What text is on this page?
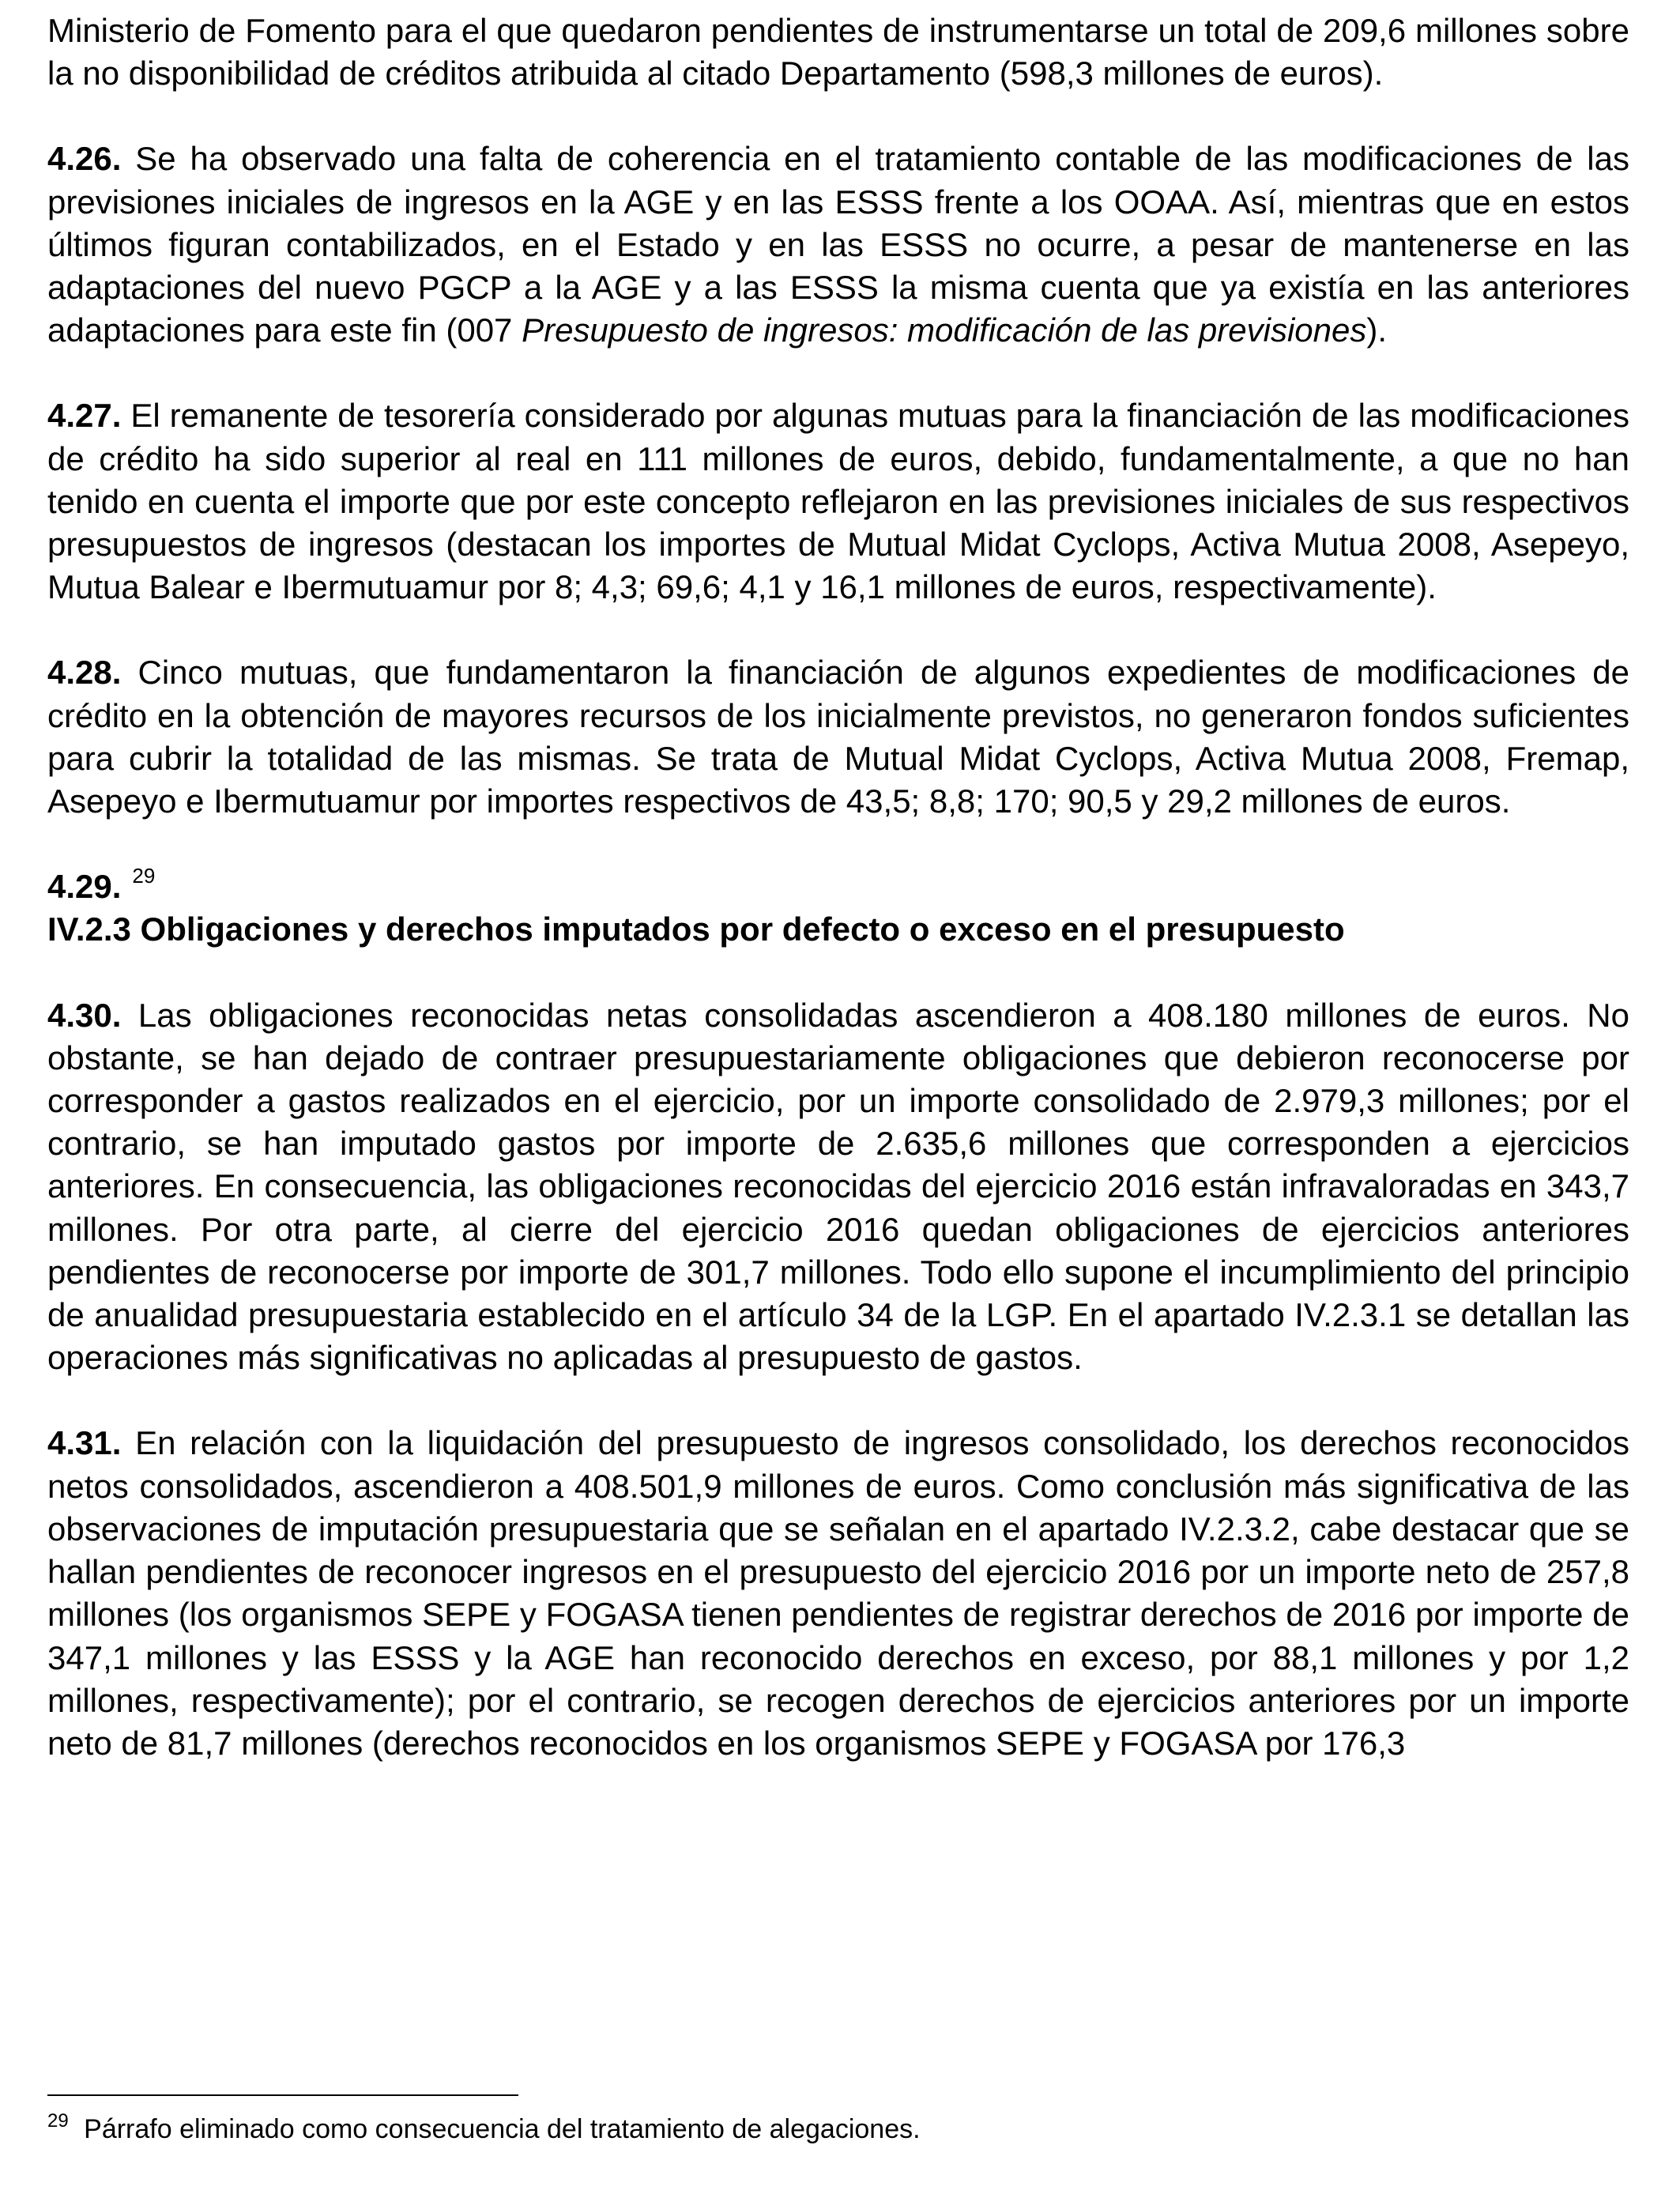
Ministerio de Fomento para el que quedaron pendientes de instrumentarse un total de 209,6 millones sobre la no disponibilidad de créditos atribuida al citado Departamento (598,3 millones de euros).

4.26. Se ha observado una falta de coherencia en el tratamiento contable de las modificaciones de las previsiones iniciales de ingresos en la AGE y en las ESSS frente a los OOAA. Así, mientras que en estos últimos figuran contabilizados, en el Estado y en las ESSS no ocurre, a pesar de mantenerse en las adaptaciones del nuevo PGCP a la AGE y a las ESSS la misma cuenta que ya existía en las anteriores adaptaciones para este fin (007 Presupuesto de ingresos: modificación de las previsiones).

4.27. El remanente de tesorería considerado por algunas mutuas para la financiación de las modificaciones de crédito ha sido superior al real en 111 millones de euros, debido, fundamentalmente, a que no han tenido en cuenta el importe que por este concepto reflejaron en las previsiones iniciales de sus respectivos presupuestos de ingresos (destacan los importes de Mutual Midat Cyclops, Activa Mutua 2008, Asepeyo, Mutua Balear e Ibermutuamur por 8; 4,3; 69,6; 4,1 y 16,1 millones de euros, respectivamente).

4.28. Cinco mutuas, que fundamentaron la financiación de algunos expedientes de modificaciones de crédito en la obtención de mayores recursos de los inicialmente previstos, no generaron fondos suficientes para cubrir la totalidad de las mismas. Se trata de Mutual Midat Cyclops, Activa Mutua 2008, Fremap, Asepeyo e Ibermutuamur por importes respectivos de 43,5; 8,8; 170; 90,5 y 29,2 millones de euros.

4.29. $^{29}$

IV.2.3 Obligaciones y derechos imputados por defecto o exceso en el presupuesto

4.30. Las obligaciones reconocidas netas consolidadas ascendieron a 408.180 millones de euros. No obstante, se han dejado de contraer presupuestariamente obligaciones que debieron reconocerse por corresponder a gastos realizados en el ejercicio, por un importe consolidado de 2.979,3 millones; por el contrario, se han imputado gastos por importe de 2.635,6 millones que corresponden a ejercicios anteriores. En consecuencia, las obligaciones reconocidas del ejercicio 2016 están infravaloradas en 343,7 millones. Por otra parte, al cierre del ejercicio 2016 quedan obligaciones de ejercicios anteriores pendientes de reconocerse por importe de 301,7 millones. Todo ello supone el incumplimiento del principio de anualidad presupuestaria establecido en el artículo 34 de la LGP. En el apartado IV.2.3.1 se detallan las operaciones más significativas no aplicadas al presupuesto de gastos.

4.31. En relación con la liquidación del presupuesto de ingresos consolidado, los derechos reconocidos netos consolidados, ascendieron a 408.501,9 millones de euros. Como conclusión más significativa de las observaciones de imputación presupuestaria que se señalan en el apartado IV.2.3.2, cabe destacar que se hallan pendientes de reconocer ingresos en el presupuesto del ejercicio 2016 por un importe neto de 257,8 millones (los organismos SEPE y FOGASA tienen pendientes de registrar derechos de 2016 por importe de 347,1 millones y las ESSS y la AGE han reconocido derechos en exceso, por 88,1 millones y por 1,2 millones, respectivamente); por el contrario, se recogen derechos de ejercicios anteriores por un importe neto de 81,7 millones (derechos reconocidos en los organismos SEPE y FOGASA por 176,3

$^{29}$ Párrafo eliminado como consecuencia del tratamiento de alegaciones.
